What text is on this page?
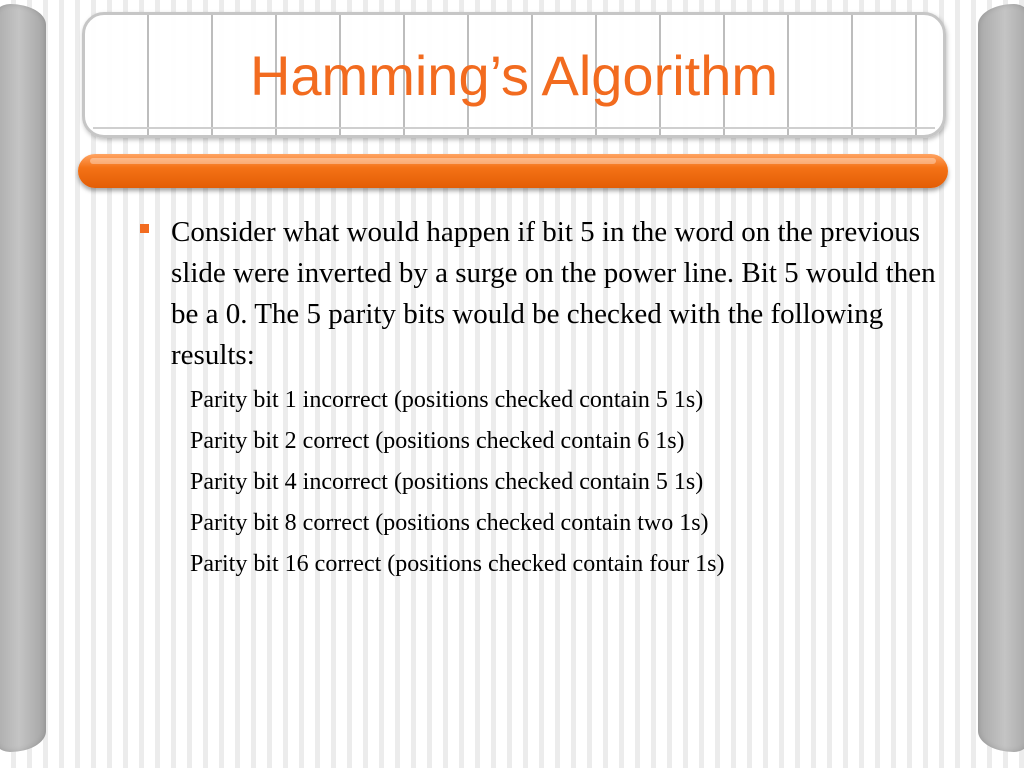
Hamming’s Algorithm

Consider what would happen if bit 5 in the word on the previous slide were inverted by a surge on the power line. Bit 5 would then be a 0. The 5 parity bits would be checked with the following results:

Parity bit 1 incorrect (positions checked contain 5 1s)
Parity bit 2 correct (positions checked contain 6 1s)
Parity bit 4 incorrect (positions checked contain 5 1s)
Parity bit 8 correct (positions checked contain two 1s)
Parity bit 16 correct (positions checked contain four 1s)
